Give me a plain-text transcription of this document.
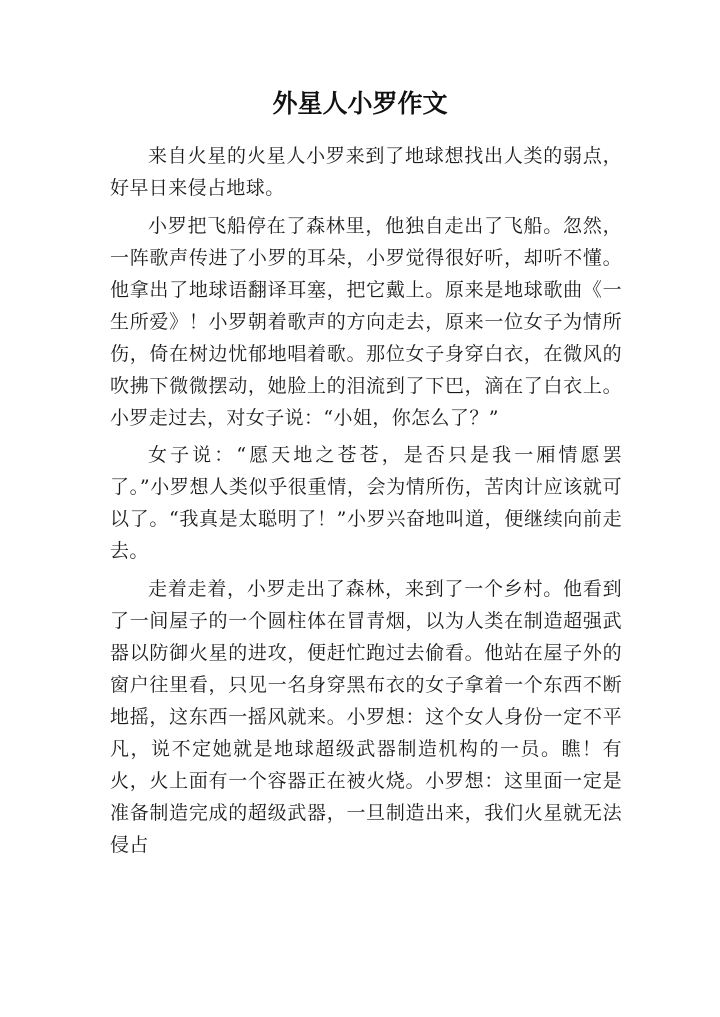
外星人小罗作文

来自火星的火星人小罗来到了地球想找出人类的弱点，好早日来侵占地球。

小罗把飞船停在了森林里，他独自走出了飞船。忽然，一阵歌声传进了小罗的耳朵，小罗觉得很好听，却听不懂。他拿出了地球语翻译耳塞，把它戴上。原来是地球歌曲《一生所爱》！小罗朝着歌声的方向走去，原来一位女子为情所伤，倚在树边忧郁地唱着歌。那位女子身穿白衣，在微风的吹拂下微微摆动，她脸上的泪流到了下巴，滴在了白衣上。小罗走过去，对女子说：“小姐，你怎么了？”

女子说：“愿天地之苍苍，是否只是我一厢情愿罢了。”小罗想人类似乎很重情，会为情所伤，苦肉计应该就可以了。“我真是太聪明了！”小罗兴奋地叫道，便继续向前走去。

走着走着，小罗走出了森林，来到了一个乡村。他看到了一间屋子的一个圆柱体在冒青烟，以为人类在制造超强武器以防御火星的进攻，便赶忙跑过去偷看。他站在屋子外的窗户往里看，只见一名身穿黑布衣的女子拿着一个东西不断地摇，这东西一摇风就来。小罗想：这个女人身份一定不平凡，说不定她就是地球超级武器制造机构的一员。瞧！有火，火上面有一个容器正在被火烧。小罗想：这里面一定是准备制造完成的超级武器，一旦制造出来，我们火星就无法侵占
